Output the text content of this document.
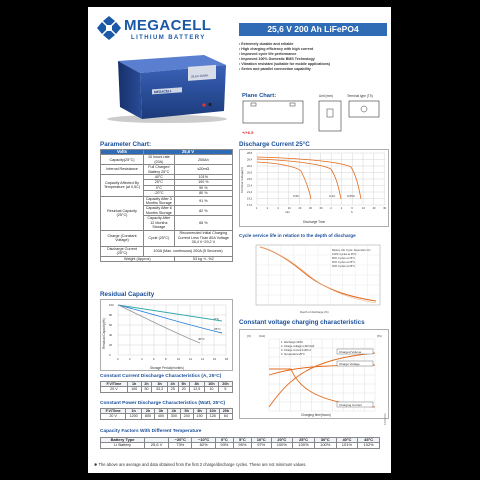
MEGACELL
LITHIUM BATTERY
25,6 V 200 Ah LiFePO4
25,6V 200Ah
MEGACELL
• Extremely durable and reliable
• High charging efficiency with high current
• Improved cycle life performance
• Improved 100% Domestic BMS Technology
• Vibration resistant (suitable for mobile applications)
• Series and parallel connection capability
Plane Chart:
+/+6.5
Unit (mm)	Terminal type (T5)
Parameter Chart:
Volts	25,6 V	
Capacity(25°C)	10 hours rate (20A)	200Ah
Internal Resistance	Full Charged Battery 25°C	≤20mΩ
Capacity Affected By Temperature (at 0,5C)	40°C	101%
	25°C	100 %
	0°C	90 %
	-20°C	80 %
Residual Capacity (25°C)	Capacity After 3 Months Storage	91 %
	Capacity After 6 Months Storage	82 %
	Capacity After 12 Months Storage	65 %
Charge (Constant Voltage)	Cycle (25°C)	Recomended Initial Charging Current Less Than 80A Voltage 28,4 V~29,2 V
Discharge Current (25°C)	100A (Max. continuous) 200A (5 Seconds)	
Weight (Approx)		53 kg +/- %2
Discharge Current 25°C
Terminal Voltage(V)
28,8
26,4
26,0
25,6
24,0
22,4
21,4
19,2
17,6
1	2	4	10	20	30	60	2	4	6	10	20	30
0,5C	0,1C	0,05C
min	h
Discharge Time
Cycle service life in relation to the depth of discharge
Battery Life Cycle: Dependent On
100% Cycles at 25°C
80% Cycles at 25°C
60% Cycles at 25°C
40% Cycles at 25°C
Depth of discharge (%)
Residual Capacity
Residual Capacity(%)
100
80
60
40
20
0
0	2	4	6	8	10	12	14	16	18
0°C
25°C
40°C
Storage Period(months)
Constant voltage charging characteristics
(V)	(CA)	(%)
1. Discharge:100%
2. Charge voltage:2,40V/Cell
3. Charge current:0,25C A
4. Temperature:25°C
Charged Volume
Charge Voltage
Charging Current
Charging time(hours)
Constant Current Discharge Characteristics (A, 25°C)
F.V/Time	1h	2h	3h	4h	5h	8h	10h	20h
20 V	100	50	33,3	25	20	12,5	10	5
Constant Power Discharge Characteristics (Watt, 25°C)
F.V/Time	1h	2h	3h	4h	5h	8h	10h	20h
20 V	1200	800	400	300	240	150	128	64
Capacity Factors With Different Temperature
Battery Type		−20°C	−10°C	0°C	5°C	10°C	20°C	25°C	30°C	40°C	45°C
Li Battery	25,6 V	73%	82%	93%	95%	97%	100%	100%	100%	101%	102%
✱ The above are average and data obtained from the first 3 charge/discharge cycles. These are not minimum values.
1001002
